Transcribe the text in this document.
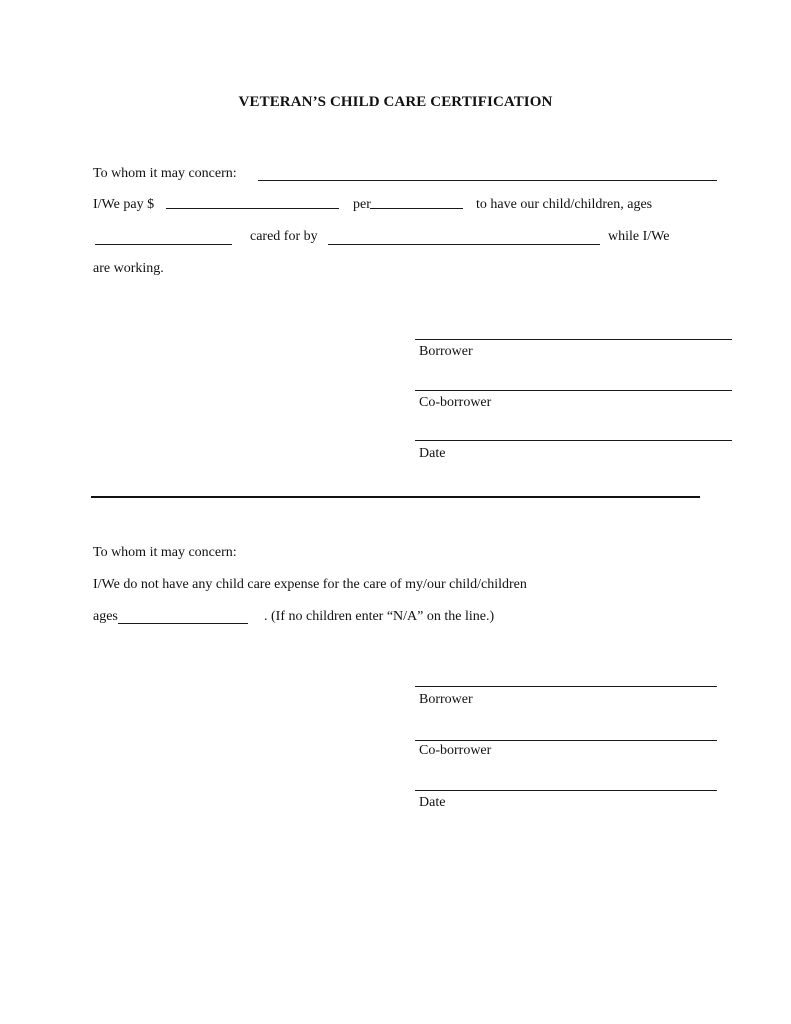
VETERAN’S CHILD CARE CERTIFICATION
To whom it may concern:
I/We pay $	per	to have our child/children, ages
cared for by	while I/We
are working.
Borrower
Co-borrower
Date
To whom it may concern:
I/We do not have any child care expense for the care of my/our child/children
ages	. (If no children enter “N/A” on the line.)
Borrower
Co-borrower
Date
